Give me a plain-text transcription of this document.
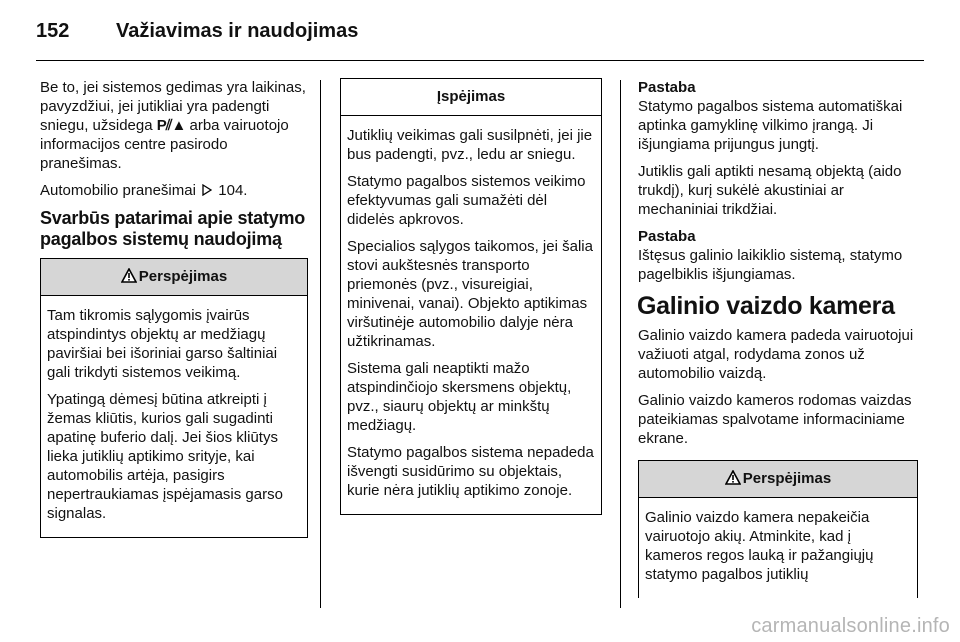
152 Važiavimas ir naudojimas

Be to, jei sistemos gedimas yra laikinas, pavyzdžiui, jei jutikliai yra padengti sniegu, užsidega P⫽▲ arba vairuotojo informacijos centre pasirodo pranešimas.

Automobilio pranešimai 104.

Svarbūs patarimai apie statymo pagalbos sistemų naudojimą
Perspėjimas

Tam tikromis sąlygomis įvairūs atspindintys objektų ar medžiagų paviršiai bei išoriniai garso šaltiniai gali trikdyti sistemos veikimą.

Ypatingą dėmesį būtina atkreipti į žemas kliūtis, kurios gali sugadinti apatinę buferio dalį. Jei šios kliūtys lieka jutiklių aptikimo srityje, kai automobilis artėja, pasigirs nepertraukiamas įspėjamasis garso signalas.

Įspėjimas

Jutiklių veikimas gali susilpnėti, jei jie bus padengti, pvz., ledu ar sniegu.

Statymo pagalbos sistemos veikimo efektyvumas gali sumažėti dėl didelės apkrovos.

Specialios sąlygos taikomos, jei šalia stovi aukštesnės transporto priemonės (pvz., visureigiai, minivenai, vanai). Objekto aptikimas viršutinėje automobilio dalyje nėra užtikrinamas.

Sistema gali neaptikti mažo atspindinčiojo skersmens objektų, pvz., siaurų objektų ar minkštų medžiagų.

Statymo pagalbos sistema nepadeda išvengti susidūrimo su objektais, kurie nėra jutiklių aptikimo zonoje.

Pastaba

Statymo pagalbos sistema automatiškai aptinka gamyklinę vilkimo įrangą. Ji išjungiama prijungus jungtį.

Jutiklis gali aptikti nesamą objektą (aido trukdį), kurį sukėlė akustiniai ar mechaniniai trikdžiai.

Pastaba

Ištęsus galinio laikiklio sistemą, statymo pagelbiklis išjungiamas.

Galinio vaizdo kamera

Galinio vaizdo kamera padeda vairuotojui važiuoti atgal, rodydama zonos už automobilio vaizdą.

Galinio vaizdo kameros rodomas vaizdas pateikiamas spalvotame informaciniame ekrane.

Perspėjimas

Galinio vaizdo kamera nepakeičia vairuotojo akių. Atminkite, kad į kameros regos lauką ir pažangiųjų statymo pagalbos jutiklių

carmanualsonline.info
